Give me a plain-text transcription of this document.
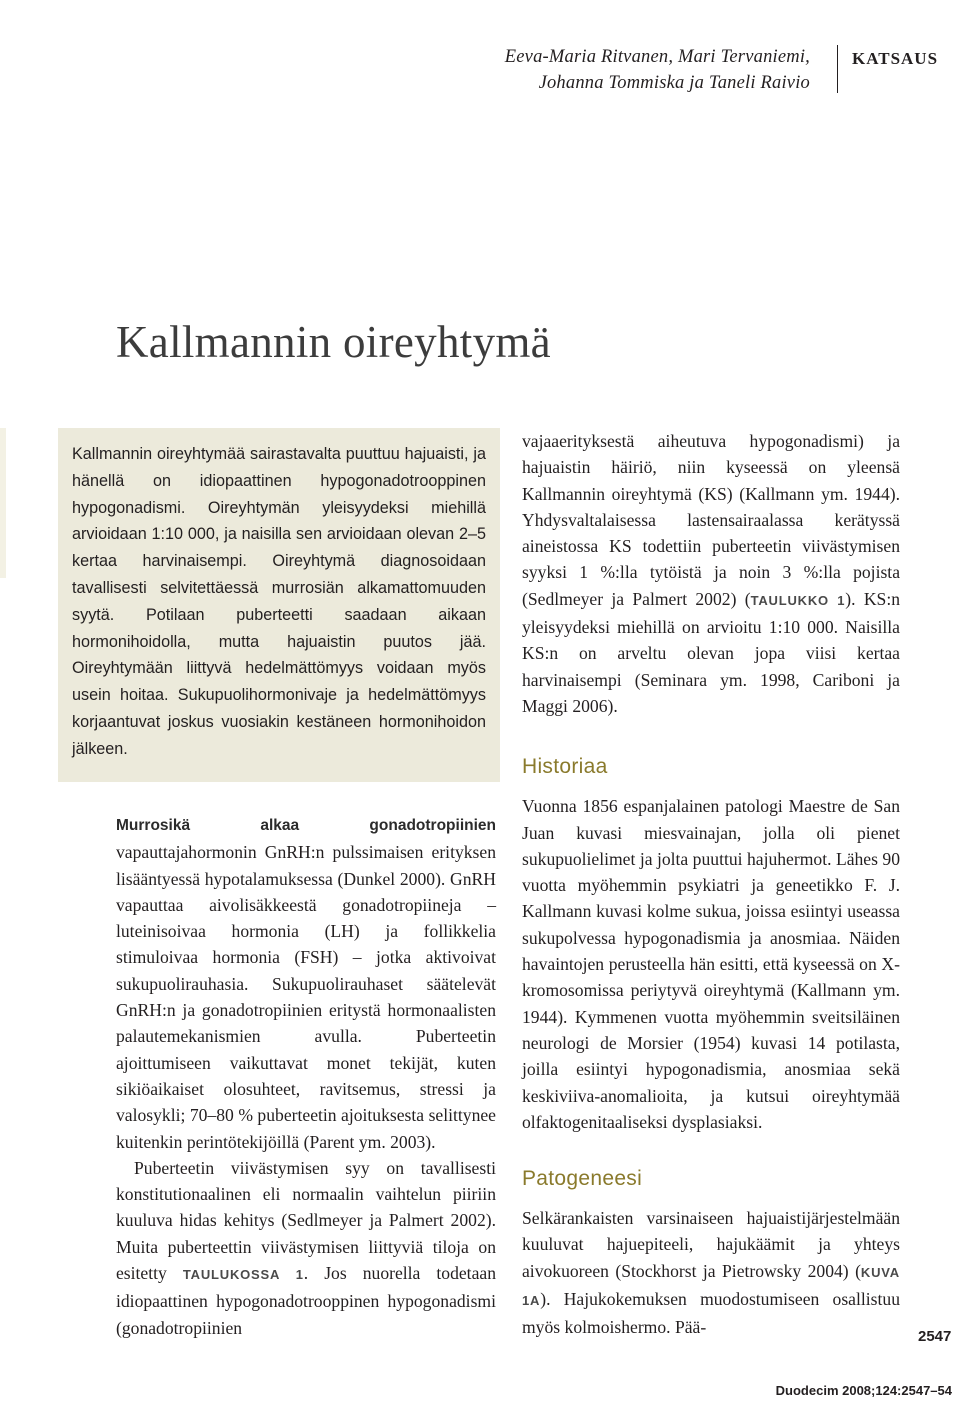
Eeva-Maria Ritvanen, Mari Tervaniemi,
Johanna Tommiska ja Taneli Raivio
KATSAUS
Kallmannin oireyhtymä

Kallmannin oireyhtymää sairastavalta puuttuu hajuaisti, ja hänellä on idiopaattinen hypogonadotrooppinen hypogonadismi. Oireyhtymän yleisyydeksi miehillä arvioidaan 1:10 000, ja naisilla sen arvioidaan olevan 2–5 kertaa harvinaisempi. Oireyhtymä diagnosoidaan tavallisesti selvitettäessä murrosiän alkamattomuuden syytä. Potilaan puberteetti saadaan aikaan hormonihoidolla, mutta hajuaistin puutos jää. Oireyhtymään liittyvä hedelmättömyys voidaan myös usein hoitaa. Sukupuolihormonivaje ja hedelmättömyys korjaantuvat joskus vuosiakin kestäneen hormonihoidon jälkeen.

Murrosikä alkaa gonadotropiinien vapauttajahormonin GnRH:n pulssimaisen erityksen lisääntyessä hypotalamuksessa (Dunkel 2000). GnRH vapauttaa aivolisäkkeestä gonadotropiineja – luteinisoivaa hormonia (LH) ja follikkelia stimuloivaa hormonia (FSH) – jotka aktivoivat sukupuolirauhasia. Sukupuolirauhaset säätelevät GnRH:n ja gonadotropiinien eritystä hormonaalisten palautemekanismien avulla. Puberteetin ajoittumiseen vaikuttavat monet tekijät, kuten sikiöaikaiset olosuhteet, ravitsemus, stressi ja valosykli; 70–80 % puberteetin ajoituksesta selittynee kuitenkin perintötekijöillä (Parent ym. 2003).

Puberteetin viivästymisen syy on tavallisesti konstitutionaalinen eli normaalin vaihtelun piiriin kuuluva hidas kehitys (Sedlmeyer ja Palmert 2002). Muita puberteettin viivästymisen liittyviä tiloja on esitetty TAULUKOSSA 1. Jos nuorella todetaan idiopaattinen hypogonadotrooppinen hypogonadismi (gonadotropiinien

vajaaerityksestä aiheutuva hypogonadismi) ja hajuaistin häiriö, niin kyseessä on yleensä Kallmannin oireyhtymä (KS) (Kallmann ym. 1944). Yhdysvaltalaisessa lastensairaalassa kerätyssä aineistossa KS todettiin puberteetin viivästymisen syyksi 1 %:lla tytöistä ja noin 3 %:lla pojista (Sedlmeyer ja Palmert 2002) (TAULUKKO 1). KS:n yleisyydeksi miehillä on arvioitu 1:10 000. Naisilla KS:n on arveltu olevan jopa viisi kertaa harvinaisempi (Seminara ym. 1998, Cariboni ja Maggi 2006).

Historiaa

Vuonna 1856 espanjalainen patologi Maestre de San Juan kuvasi miesvainajan, jolla oli pienet sukupuolielimet ja jolta puuttui hajuhermot. Lähes 90 vuotta myöhemmin psykiatri ja geneetikko F. J. Kallmann kuvasi kolme sukua, joissa esiintyi useassa sukupolvessa hypogonadismia ja anosmiaa. Näiden havaintojen perusteella hän esitti, että kyseessä on X-kromosomissa periytyvä oireyhtymä (Kallmann ym. 1944). Kymmenen vuotta myöhemmin sveitsiläinen neurologi de Morsier (1954) kuvasi 14 potilasta, joilla esiintyi hypogonadismia, anosmiaa sekä keskiviiva-anomalioita, ja kutsui oireyhtymää olfaktogenitaaliseksi dysplasiaksi.

Patogeneesi

Selkärankaisten varsinaiseen hajuaistijärjestelmään kuuluvat hajuepiteeli, hajukäämit ja yhteys aivokuoreen (Stockhorst ja Pietrowsky 2004) (KUVA 1A). Hajukokemuksen muodostumiseen osallistuu myös kolmoishermo. Pää-	2547
Duodecim 2008;124:2547–54
